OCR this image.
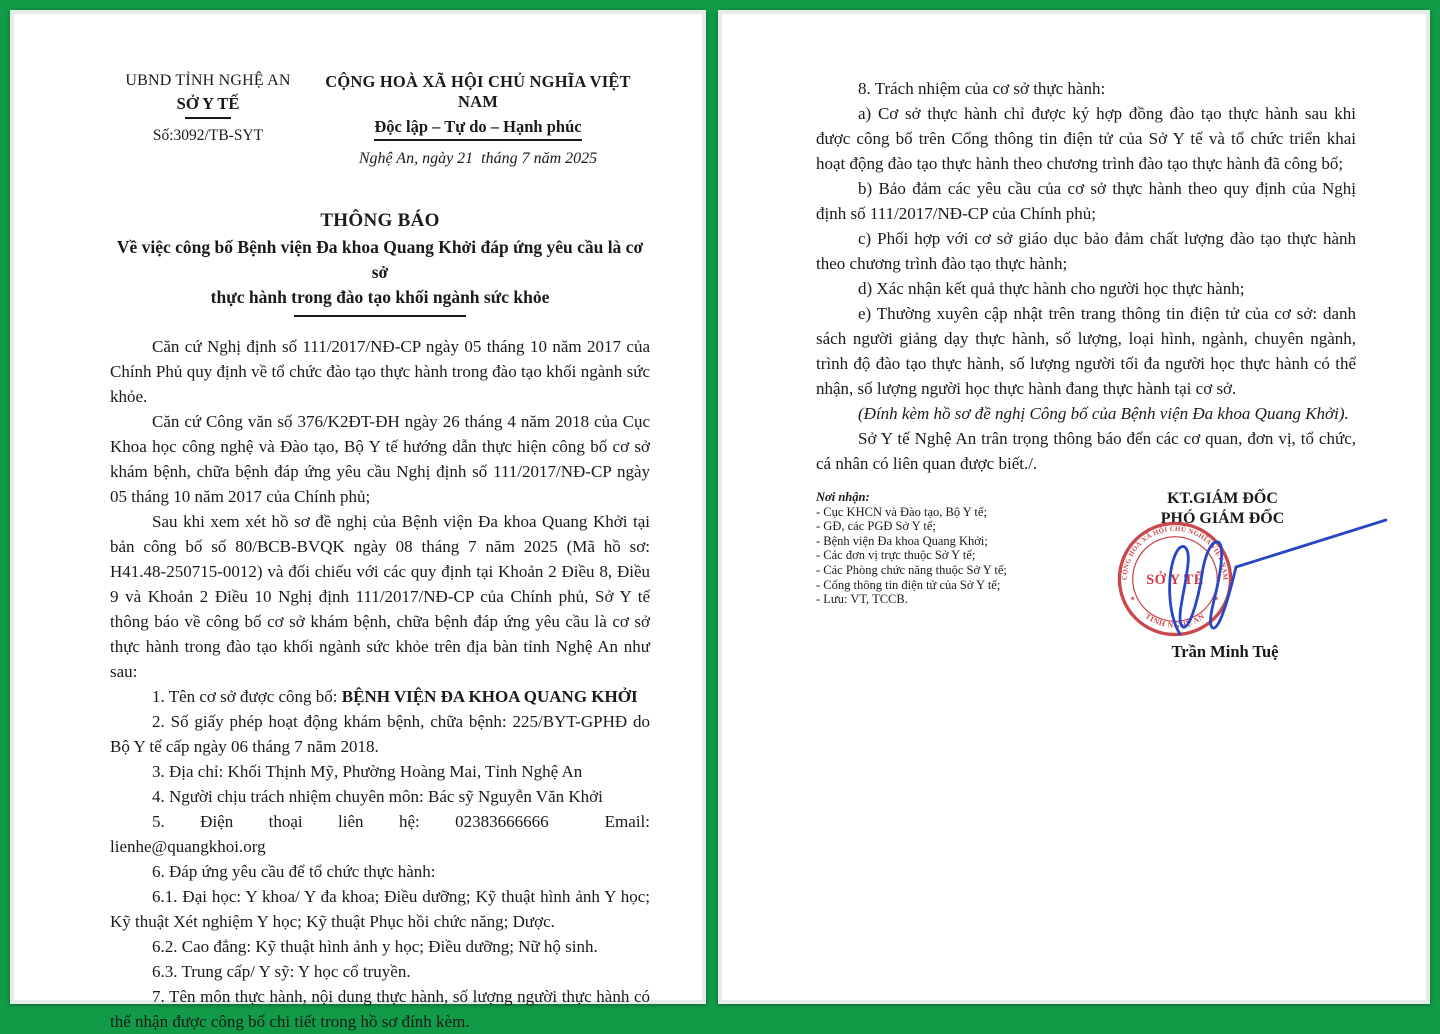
UBND TỈNH NGHỆ AN
SỞ Y TẾ
Số:3092/TB-SYT
CỘNG HOÀ XÃ HỘI CHỦ NGHĨA VIỆT NAM
Độc lập – Tự do – Hạnh phúc
Nghệ An, ngày 21  tháng 7 năm 2025
THÔNG BÁO
Về việc công bố Bệnh viện Đa khoa Quang Khởi đáp ứng yêu cầu là cơ sở
thực hành trong đào tạo khối ngành sức khỏe

Căn cứ Nghị định số 111/2017/NĐ-CP ngày 05 tháng 10 năm 2017 của Chính Phủ quy định về tổ chức đào tạo thực hành trong đào tạo khối ngành sức khỏe.

Căn cứ Công văn số 376/K2ĐT-ĐH ngày 26 tháng 4 năm 2018 của Cục Khoa học công nghệ và Đào tạo, Bộ Y tế hướng dẫn thực hiện công bố cơ sở khám bệnh, chữa bệnh đáp ứng yêu cầu Nghị định số 111/2017/NĐ-CP ngày 05 tháng 10 năm 2017 của Chính phủ;

Sau khi xem xét hồ sơ đề nghị của Bệnh viện Đa khoa Quang Khởi tại bản công bố số 80/BCB-BVQK ngày 08 tháng 7 năm 2025 (Mã hồ sơ: H41.48-250715-0012) và đối chiếu với các quy định tại Khoản 2 Điều 8, Điều 9 và Khoản 2 Điều 10 Nghị định 111/2017/NĐ-CP của Chính phủ, Sở Y tế thông báo về công bố cơ sở khám bệnh, chữa bệnh đáp ứng yêu cầu là cơ sở thực hành trong đào tạo khối ngành sức khỏe trên địa bàn tỉnh Nghệ An như sau:

1. Tên cơ sở được công bố: BỆNH VIỆN ĐA KHOA QUANG KHỞI

2. Số giấy phép hoạt động khám bệnh, chữa bệnh: 225/BYT-GPHĐ do Bộ Y tế cấp ngày 06 tháng 7 năm 2018.

3. Địa chỉ: Khối Thịnh Mỹ, Phường Hoàng Mai, Tỉnh Nghệ An

4. Người chịu trách nhiệm chuyên môn: Bác sỹ Nguyễn Văn Khởi

5. Điện thoại liên hệ: 02383666666	Email: lienhe@quangkhoi.org

6. Đáp ứng yêu cầu để tổ chức thực hành:

6.1. Đại học: Y khoa/ Y đa khoa; Điều dưỡng; Kỹ thuật hình ảnh Y học; Kỹ thuật Xét nghiệm Y học; Kỹ thuật Phục hồi chức năng; Dược.

6.2. Cao đẳng: Kỹ thuật hình ảnh y học; Điều dưỡng; Nữ hộ sinh.

6.3. Trung cấp/ Y sỹ: Y học cổ truyền.

7. Tên môn thực hành, nội dung thực hành, số lượng người thực hành có thể nhận được công bố chi tiết trong hồ sơ đính kèm.

8. Trách nhiệm của cơ sở thực hành:

a) Cơ sở thực hành chỉ được ký hợp đồng đào tạo thực hành sau khi được công bố trên Cổng thông tin điện tử của Sở Y tế và tổ chức triển khai hoạt động đào tạo thực hành theo chương trình đào tạo thực hành đã công bố;

b) Bảo đảm các yêu cầu của cơ sở thực hành theo quy định của Nghị định số 111/2017/NĐ-CP của Chính phủ;

c) Phối hợp với cơ sở giáo dục bảo đảm chất lượng đào tạo thực hành theo chương trình đào tạo thực hành;

d) Xác nhận kết quả thực hành cho người học thực hành;

e) Thường xuyên cập nhật trên trang thông tin điện tử của cơ sở: danh sách người giảng dạy thực hành, số lượng, loại hình, ngành, chuyên ngành, trình độ đào tạo thực hành, số lượng người tối đa người học thực hành có thể nhận, số lượng người học thực hành đang thực hành tại cơ sở.

(Đính kèm hồ sơ đề nghị Công bố của Bệnh viện Đa khoa Quang Khởi).

Sở Y tế Nghệ An trân trọng thông báo đến các cơ quan, đơn vị, tổ chức, cá nhân có liên quan được biết./.

Nơi nhận:
- Cục KHCN và Đào tạo, Bộ Y tế;
- GĐ, các PGĐ Sở Y tế;
- Bệnh viện Đa khoa Quang Khởi;
- Các đơn vị trực thuộc Sở Y tế;
- Các Phòng chức năng thuộc Sở Y tế;
- Cổng thông tin điện tử của Sở Y tế;
- Lưu: VT, TCCB.
KT.GIÁM ĐỐC
PHÓ GIÁM ĐỐC
CỘNG HOÀ XÃ HỘI CHỦ NGHĨA VIỆT NAM
TỈNH NGHỆ AN
★	★
SỞ Y TẾ
Trần Minh Tuệ
